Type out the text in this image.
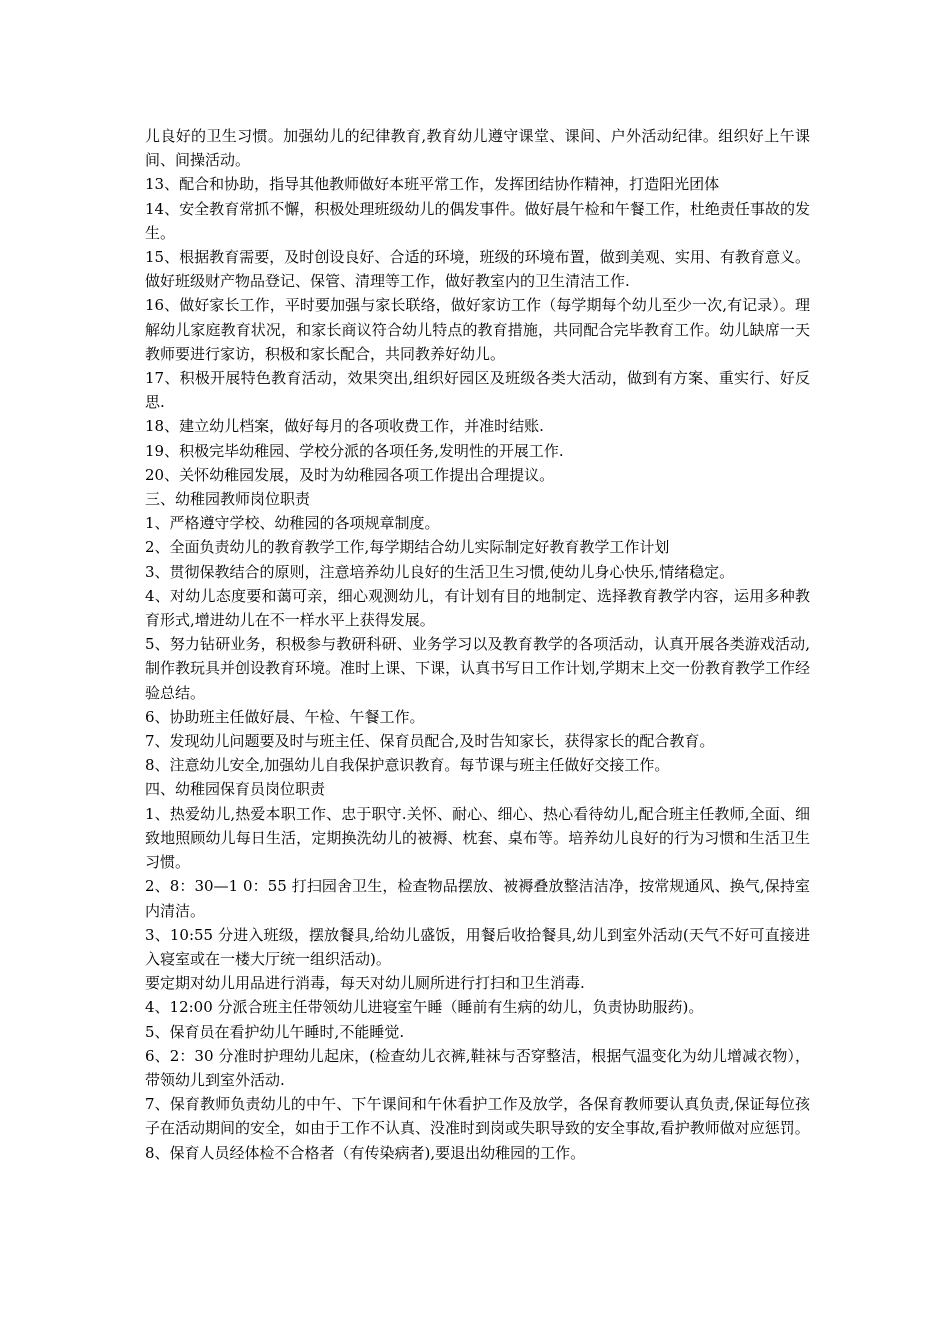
儿良好的卫生习惯。加强幼儿的纪律教育,教育幼儿遵守课堂、课间、户外活动纪律。组织好上午课间、间操活动。

13、配合和协助，指导其他教师做好本班平常工作，发挥团结协作精神，打造阳光团体

14、安全教育常抓不懈，积极处理班级幼儿的偶发事件。做好晨午检和午餐工作，杜绝责任事故的发生。

15、根据教育需要，及时创设良好、合适的环境，班级的环境布置，做到美观、实用、有教育意义。做好班级财产物品登记、保管、清理等工作，做好教室内的卫生清洁工作.

16、做好家长工作，平时要加强与家长联络，做好家访工作（每学期每个幼儿至少一次,有记录）。理解幼儿家庭教育状况，和家长商议符合幼儿特点的教育措施，共同配合完毕教育工作。幼儿缺席一天教师要进行家访，积极和家长配合，共同教养好幼儿。

17、积极开展特色教育活动，效果突出,组织好园区及班级各类大活动，做到有方案、重实行、好反思.

18、建立幼儿档案，做好每月的各项收费工作，并准时结账.

19、积极完毕幼稚园、学校分派的各项任务,发明性的开展工作.

20、关怀幼稚园发展，及时为幼稚园各项工作提出合理提议。

三、幼稚园教师岗位职责

1、严格遵守学校、幼稚园的各项规章制度。

2、全面负责幼儿的教育教学工作,每学期结合幼儿实际制定好教育教学工作计划

3、贯彻保教结合的原则，注意培养幼儿良好的生活卫生习惯,使幼儿身心快乐,情绪稳定。

4、对幼儿态度要和蔼可亲，细心观测幼儿，有计划有目的地制定、选择教育教学内容，运用多种教育形式,增进幼儿在不一样水平上获得发展。

5、努力钻研业务，积极参与教研科研、业务学习以及教育教学的各项活动，认真开展各类游戏活动,制作教玩具并创设教育环境。准时上课、下课，认真书写日工作计划,学期末上交一份教育教学工作经验总结。

6、协助班主任做好晨、午检、午餐工作。

7、发现幼儿问题要及时与班主任、保育员配合,及时告知家长，获得家长的配合教育。

8、注意幼儿安全,加强幼儿自我保护意识教育。每节课与班主任做好交接工作。

四、幼稚园保育员岗位职责

1、热爱幼儿,热爱本职工作、忠于职守.关怀、耐心、细心、热心看待幼儿,配合班主任教师,全面、细致地照顾幼儿每日生活，定期换洗幼儿的被褥、枕套、桌布等。培养幼儿良好的行为习惯和生活卫生习惯。

2、8：30—1 0：55 打扫园舍卫生，检查物品摆放、被褥叠放整洁洁净，按常规通风、换气,保持室内清洁。

3、10:55 分进入班级，摆放餐具,给幼儿盛饭，用餐后收拾餐具,幼儿到室外活动(天气不好可直接进入寝室或在一楼大厅统一组织活动)。

要定期对幼儿用品进行消毒，每天对幼儿厕所进行打扫和卫生消毒.

4、12:00 分派合班主任带领幼儿进寝室午睡（睡前有生病的幼儿，负责协助服药)。

5、保育员在看护幼儿午睡时,不能睡觉.

6、2：30 分准时护理幼儿起床，(检查幼儿衣裤,鞋袜与否穿整洁，根据气温变化为幼儿增减衣物），带领幼儿到室外活动.

7、保育教师负责幼儿的中午、下午课间和午休看护工作及放学，各保育教师要认真负责,保证每位孩子在活动期间的安全，如由于工作不认真、没准时到岗或失职导致的安全事故,看护教师做对应惩罚。

8、保育人员经体检不合格者（有传染病者),要退出幼稚园的工作。
